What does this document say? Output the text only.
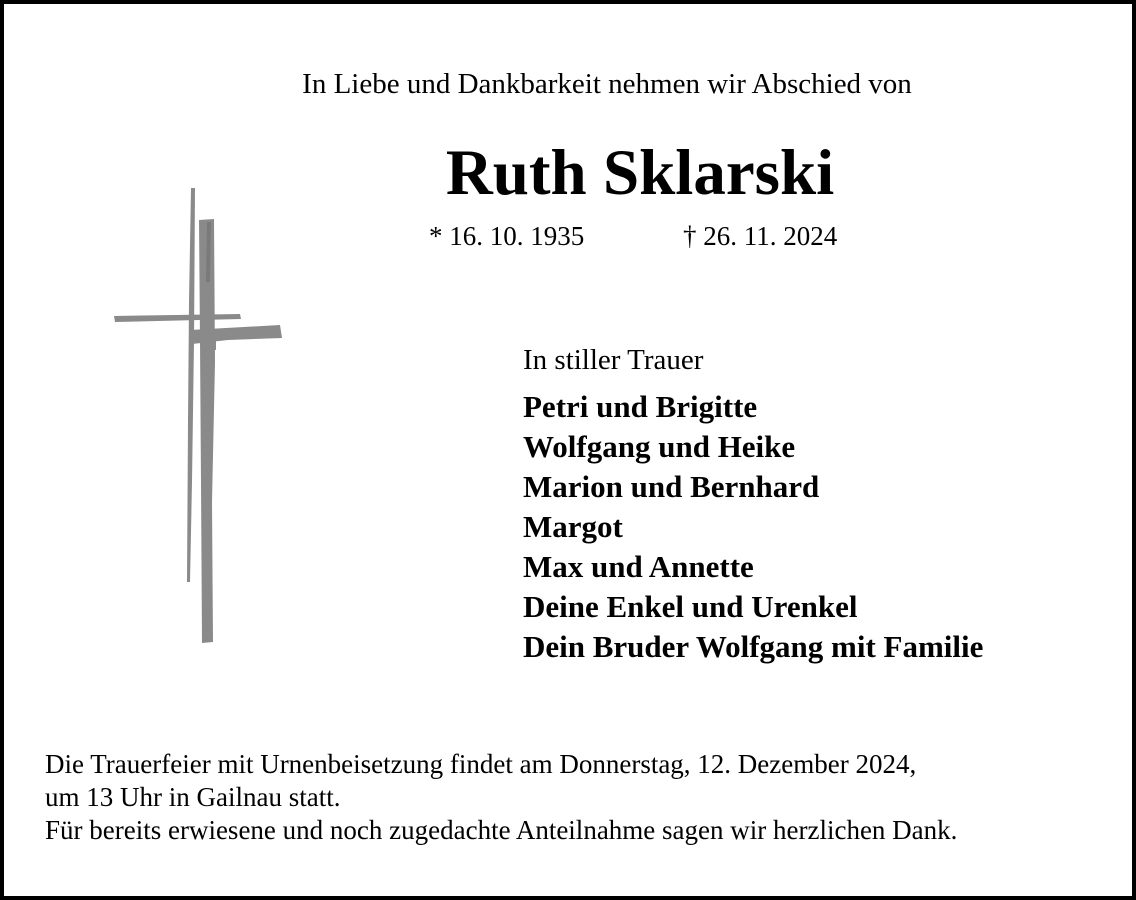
In Liebe und Dankbarkeit nehmen wir Abschied von
Ruth Sklarski
* 16. 10. 1935	† 26. 11. 2024
In stiller Trauer
Petri und Brigitte
Wolfgang und Heike
Marion und Bernhard
Margot
Max und Annette
Deine Enkel und Urenkel
Dein Bruder Wolfgang mit Familie
Die Trauerfeier mit Urnenbeisetzung findet am Donnerstag, 12. Dezember 2024,
um 13 Uhr in Gailnau statt.
Für bereits erwiesene und noch zugedachte Anteilnahme sagen wir herzlichen Dank.
